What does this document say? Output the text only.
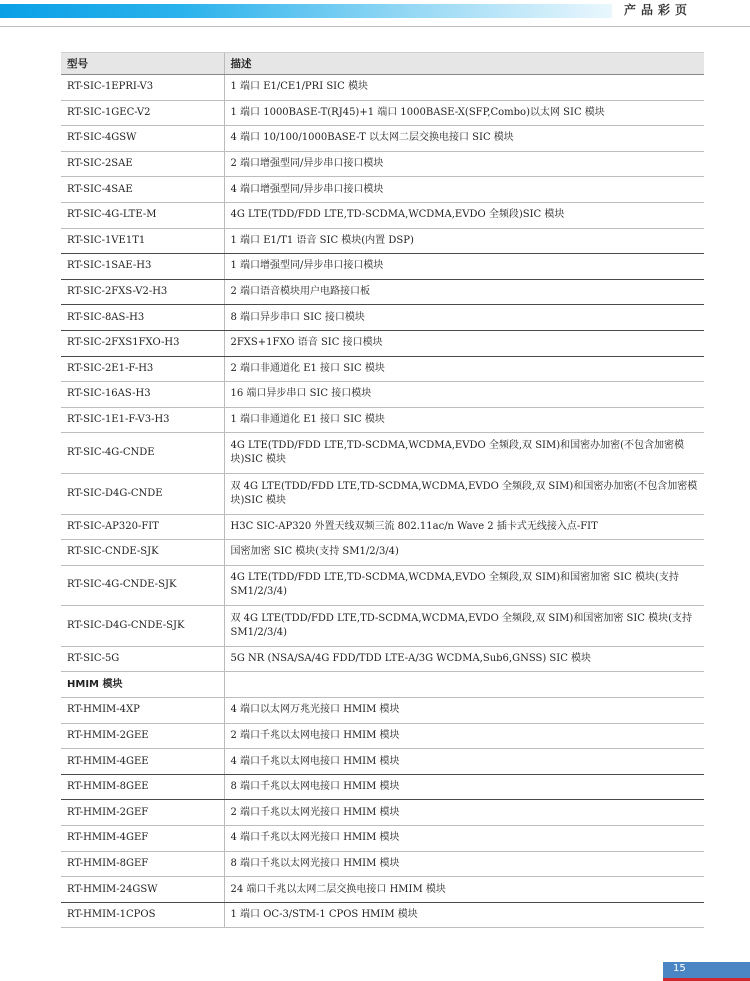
产品彩页
型号	描述
RT-SIC-1EPRI-V3	1 端口 E1/CE1/PRI SIC 模块
RT-SIC-1GEC-V2	1 端口 1000BASE-T(RJ45)+1 端口 1000BASE-X(SFP,Combo)以太网 SIC 模块
RT-SIC-4GSW	4 端口 10/100/1000BASE-T 以太网二层交换电接口 SIC 模块
RT-SIC-2SAE	2 端口增强型同/异步串口接口模块
RT-SIC-4SAE	4 端口增强型同/异步串口接口模块
RT-SIC-4G-LTE-M	4G LTE(TDD/FDD LTE,TD-SCDMA,WCDMA,EVDO 全频段)SIC 模块
RT-SIC-1VE1T1	1 端口 E1/T1 语音 SIC 模块(内置 DSP)
RT-SIC-1SAE-H3	1 端口增强型同/异步串口接口模块
RT-SIC-2FXS-V2-H3	2 端口语音模块用户电路接口板
RT-SIC-8AS-H3	8 端口异步串口 SIC 接口模块
RT-SIC-2FXS1FXO-H3	2FXS+1FXO 语音 SIC 接口模块
RT-SIC-2E1-F-H3	2 端口非通道化 E1 接口 SIC 模块
RT-SIC-16AS-H3	16 端口异步串口 SIC 接口模块
RT-SIC-1E1-F-V3-H3	1 端口非通道化 E1 接口 SIC 模块
RT-SIC-4G-CNDE	4G LTE(TDD/FDD LTE,TD-SCDMA,WCDMA,EVDO 全频段,双 SIM)和国密办加密(不包含加密模块)SIC 模块
RT-SIC-D4G-CNDE	双 4G LTE(TDD/FDD LTE,TD-SCDMA,WCDMA,EVDO 全频段,双 SIM)和国密办加密(不包含加密模块)SIC 模块
RT-SIC-AP320-FIT	H3C SIC-AP320 外置天线双频三流 802.11ac/n Wave 2 插卡式无线接入点-FIT
RT-SIC-CNDE-SJK	国密加密 SIC 模块(支持 SM1/2/3/4)
RT-SIC-4G-CNDE-SJK	4G LTE(TDD/FDD LTE,TD-SCDMA,WCDMA,EVDO 全频段,双 SIM)和国密加密 SIC 模块(支持 SM1/2/3/4)
RT-SIC-D4G-CNDE-SJK	双 4G LTE(TDD/FDD LTE,TD-SCDMA,WCDMA,EVDO 全频段,双 SIM)和国密加密 SIC 模块(支持 SM1/2/3/4)
RT-SIC-5G	5G NR (NSA/SA/4G FDD/TDD LTE-A/3G WCDMA,Sub6,GNSS) SIC 模块
HMIM 模块	
RT-HMIM-4XP	4 端口以太网万兆光接口 HMIM 模块
RT-HMIM-2GEE	2 端口千兆以太网电接口 HMIM 模块
RT-HMIM-4GEE	4 端口千兆以太网电接口 HMIM 模块
RT-HMIM-8GEE	8 端口千兆以太网电接口 HMIM 模块
RT-HMIM-2GEF	2 端口千兆以太网光接口 HMIM 模块
RT-HMIM-4GEF	4 端口千兆以太网光接口 HMIM 模块
RT-HMIM-8GEF	8 端口千兆以太网光接口 HMIM 模块
RT-HMIM-24GSW	24 端口千兆以太网二层交换电接口 HMIM 模块
RT-HMIM-1CPOS	1 端口 OC-3/STM-1 CPOS HMIM 模块
15
